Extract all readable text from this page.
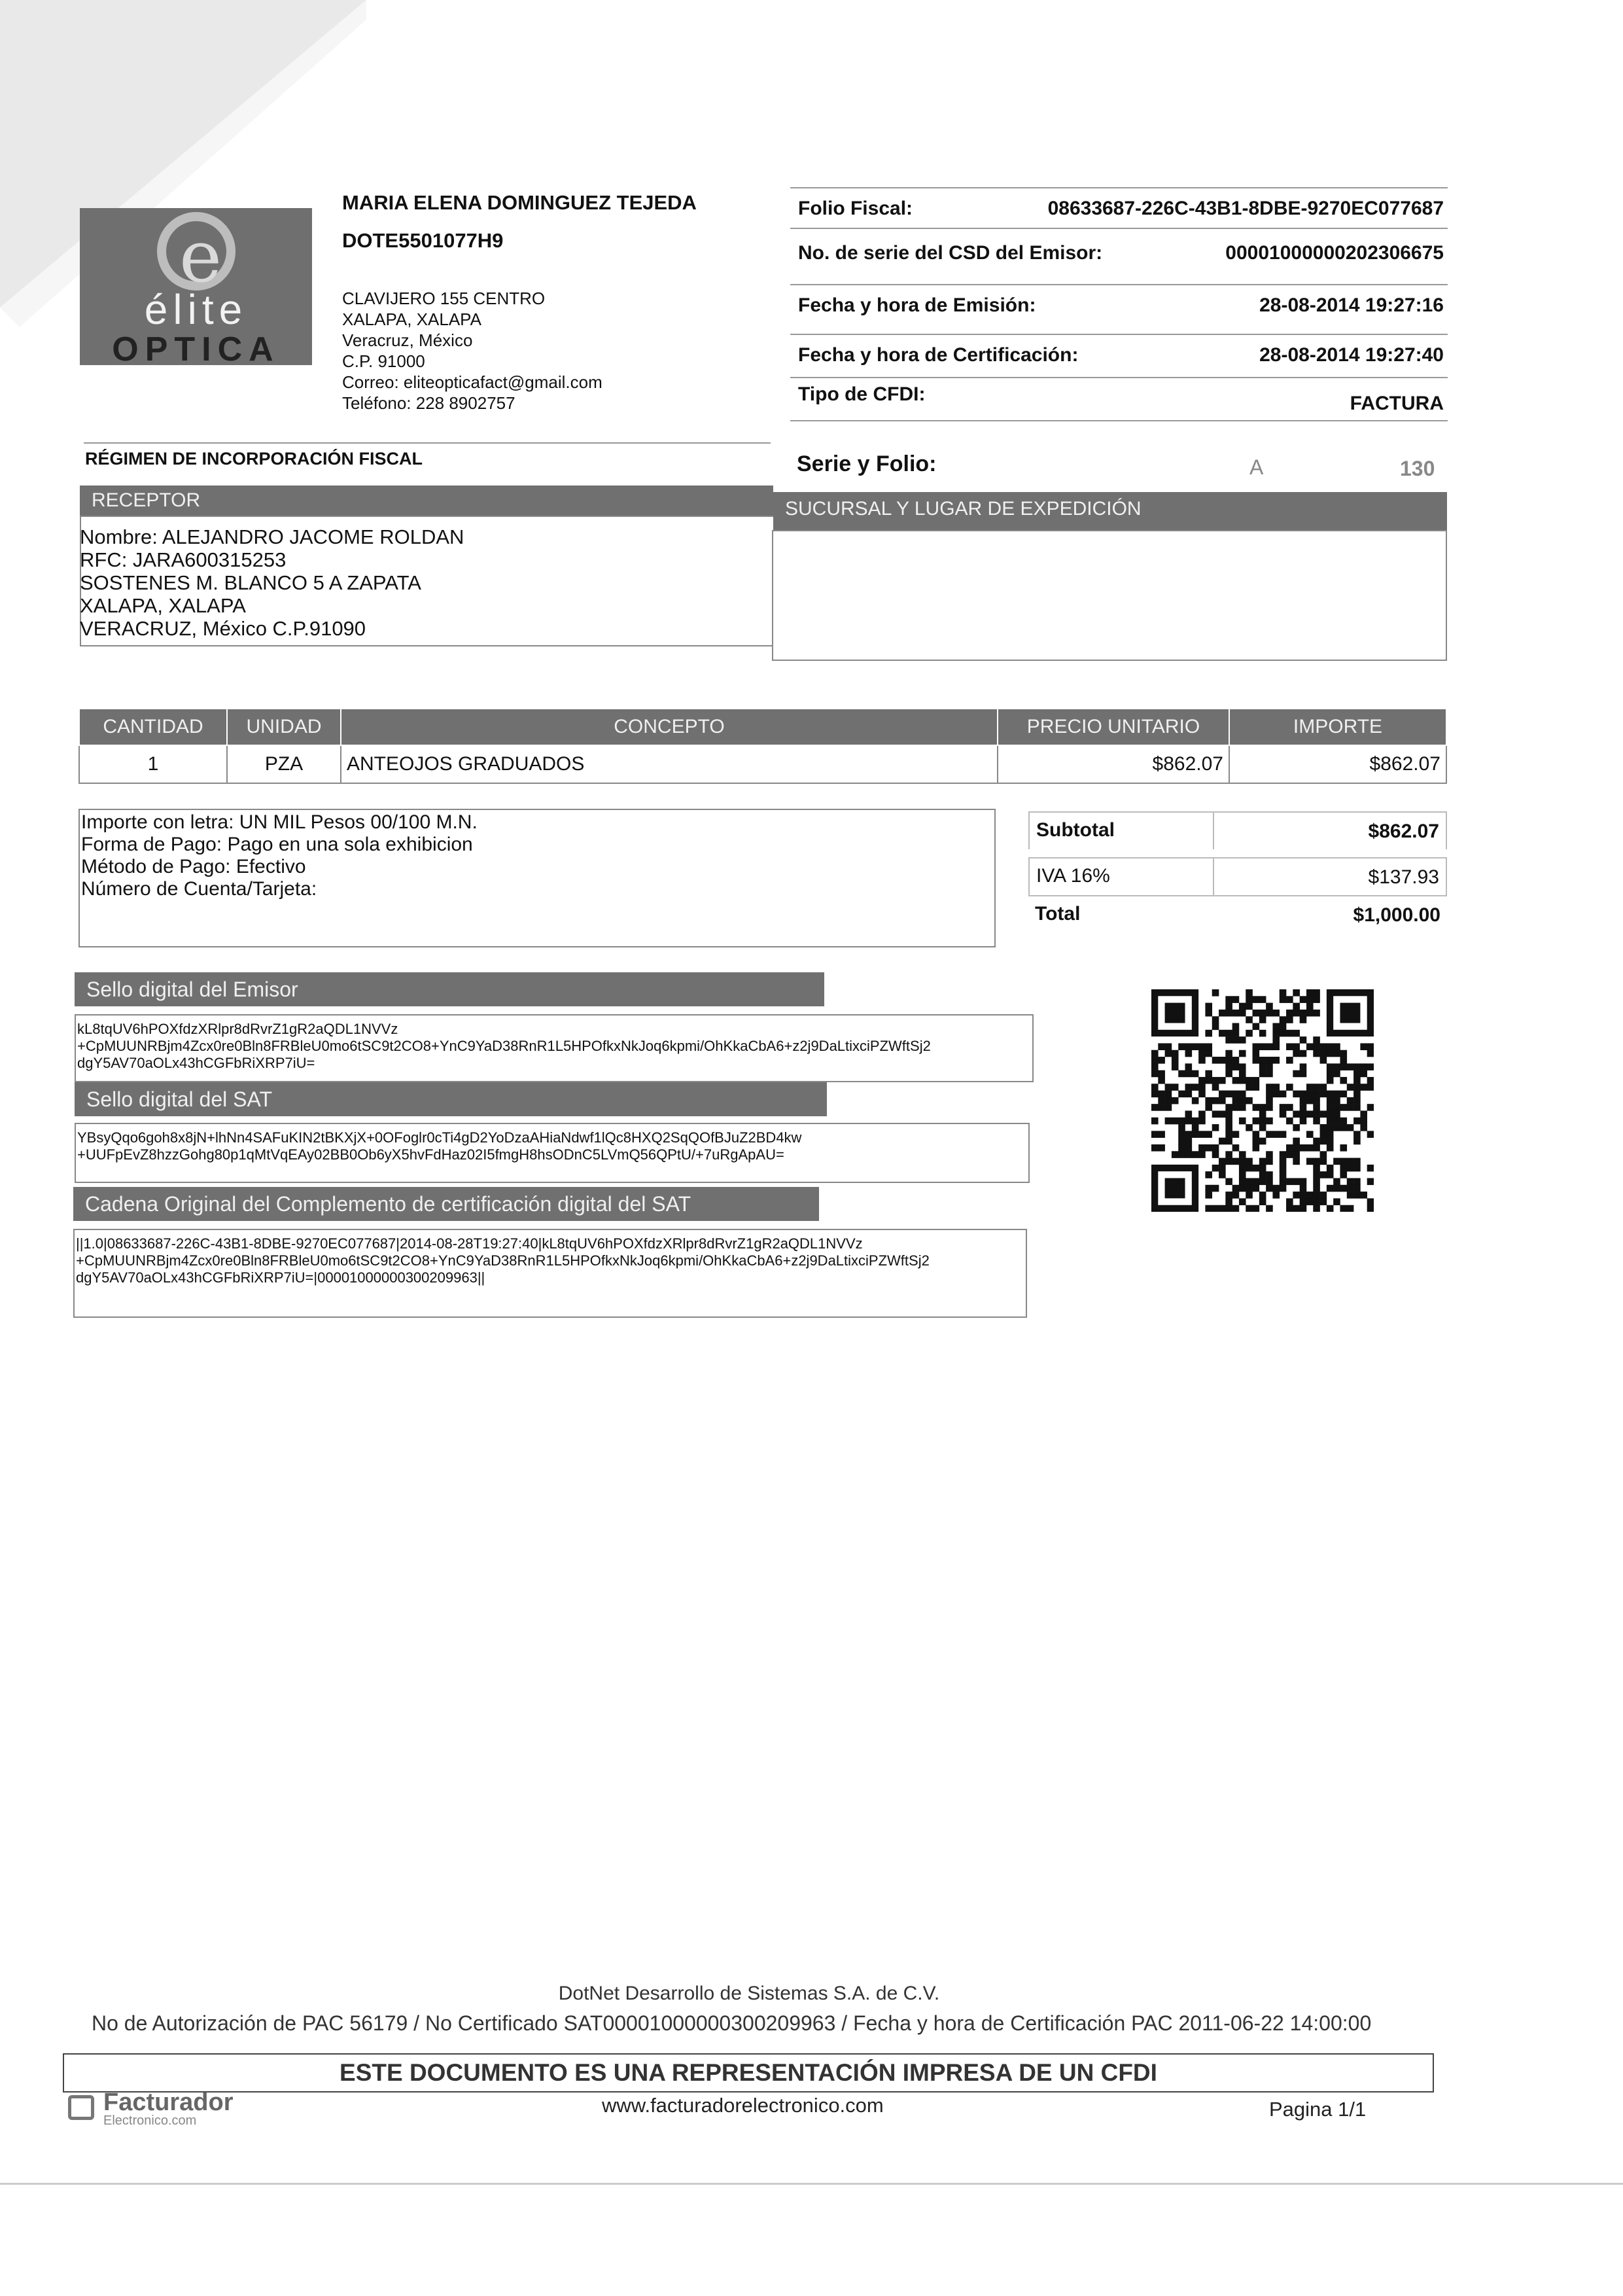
e
élite
OPTICA
MARIA ELENA DOMINGUEZ TEJEDA
DOTE5501077H9
CLAVIJERO 155 CENTRO
XALAPA, XALAPA
Veracruz, México
C.P. 91000
Correo: eliteopticafact@gmail.com
Teléfono: 228 8902757
Folio Fiscal:	08633687-226C-43B1-8DBE-9270EC077687
No. de serie del CSD del Emisor:	00001000000202306675
Fecha y hora de Emisión:	28-08-2014 19:27:16
Fecha y hora de Certificación:	28-08-2014 19:27:40
Tipo de CFDI:	FACTURA
RÉGIMEN DE INCORPORACIÓN FISCAL	Serie y Folio:	A	130
RECEPTOR	SUCURSAL Y LUGAR DE EXPEDICIÓN
Nombre: ALEJANDRO JACOME ROLDAN
RFC: JARA600315253
SOSTENES M. BLANCO 5 A ZAPATA
XALAPA, XALAPA
VERACRUZ, México C.P.91090
CANTIDAD	UNIDAD	CONCEPTO	PRECIO UNITARIO	IMPORTE
1	PZA	ANTEOJOS GRADUADOS	$862.07	$862.07
Importe con letra: UN MIL Pesos 00/100 M.N.
Forma de Pago: Pago en una sola exhibicion
Método de Pago: Efectivo
Número de Cuenta/Tarjeta:
Subtotal	$862.07
IVA 16%	$137.93
Total	$1,000.00
Sello digital del Emisor
kL8tqUV6hPOXfdzXRlpr8dRvrZ1gR2aQDL1NVVz
+CpMUUNRBjm4Zcx0re0Bln8FRBleU0mo6tSC9t2CO8+YnC9YaD38RnR1L5HPOfkxNkJoq6kpmi/OhKkaCbA6+z2j9DaLtixciPZWftSj2
dgY5AV70aOLx43hCGFbRiXRP7iU=
Sello digital del SAT
YBsyQqo6goh8x8jN+lhNn4SAFuKIN2tBKXjX+0OFoglr0cTi4gD2YoDzaAHiaNdwf1lQc8HXQ2SqQOfBJuZ2BD4kw
+UUFpEvZ8hzzGohg80p1qMtVqEAy02BB0Ob6yX5hvFdHaz02I5fmgH8hsODnC5LVmQ56QPtU/+7uRgApAU=
Cadena Original del Complemento de certificación digital del SAT
||1.0|08633687-226C-43B1-8DBE-9270EC077687|2014-08-28T19:27:40|kL8tqUV6hPOXfdzXRlpr8dRvrZ1gR2aQDL1NVVz
+CpMUUNRBjm4Zcx0re0Bln8FRBleU0mo6tSC9t2CO8+YnC9YaD38RnR1L5HPOfkxNkJoq6kpmi/OhKkaCbA6+z2j9DaLtixciPZWftSj2
dgY5AV70aOLx43hCGFbRiXRP7iU=|00001000000300209963||
DotNet Desarrollo de Sistemas S.A. de C.V.
No de Autorización de PAC 56179 / No Certificado SAT00001000000300209963 / Fecha y hora de Certificación PAC 2011-06-22 14:00:00
ESTE DOCUMENTO ES UNA REPRESENTACIÓN IMPRESA DE UN CFDI
Facturador
Electronico.com
www.facturadorelectronico.com	Pagina 1/1
